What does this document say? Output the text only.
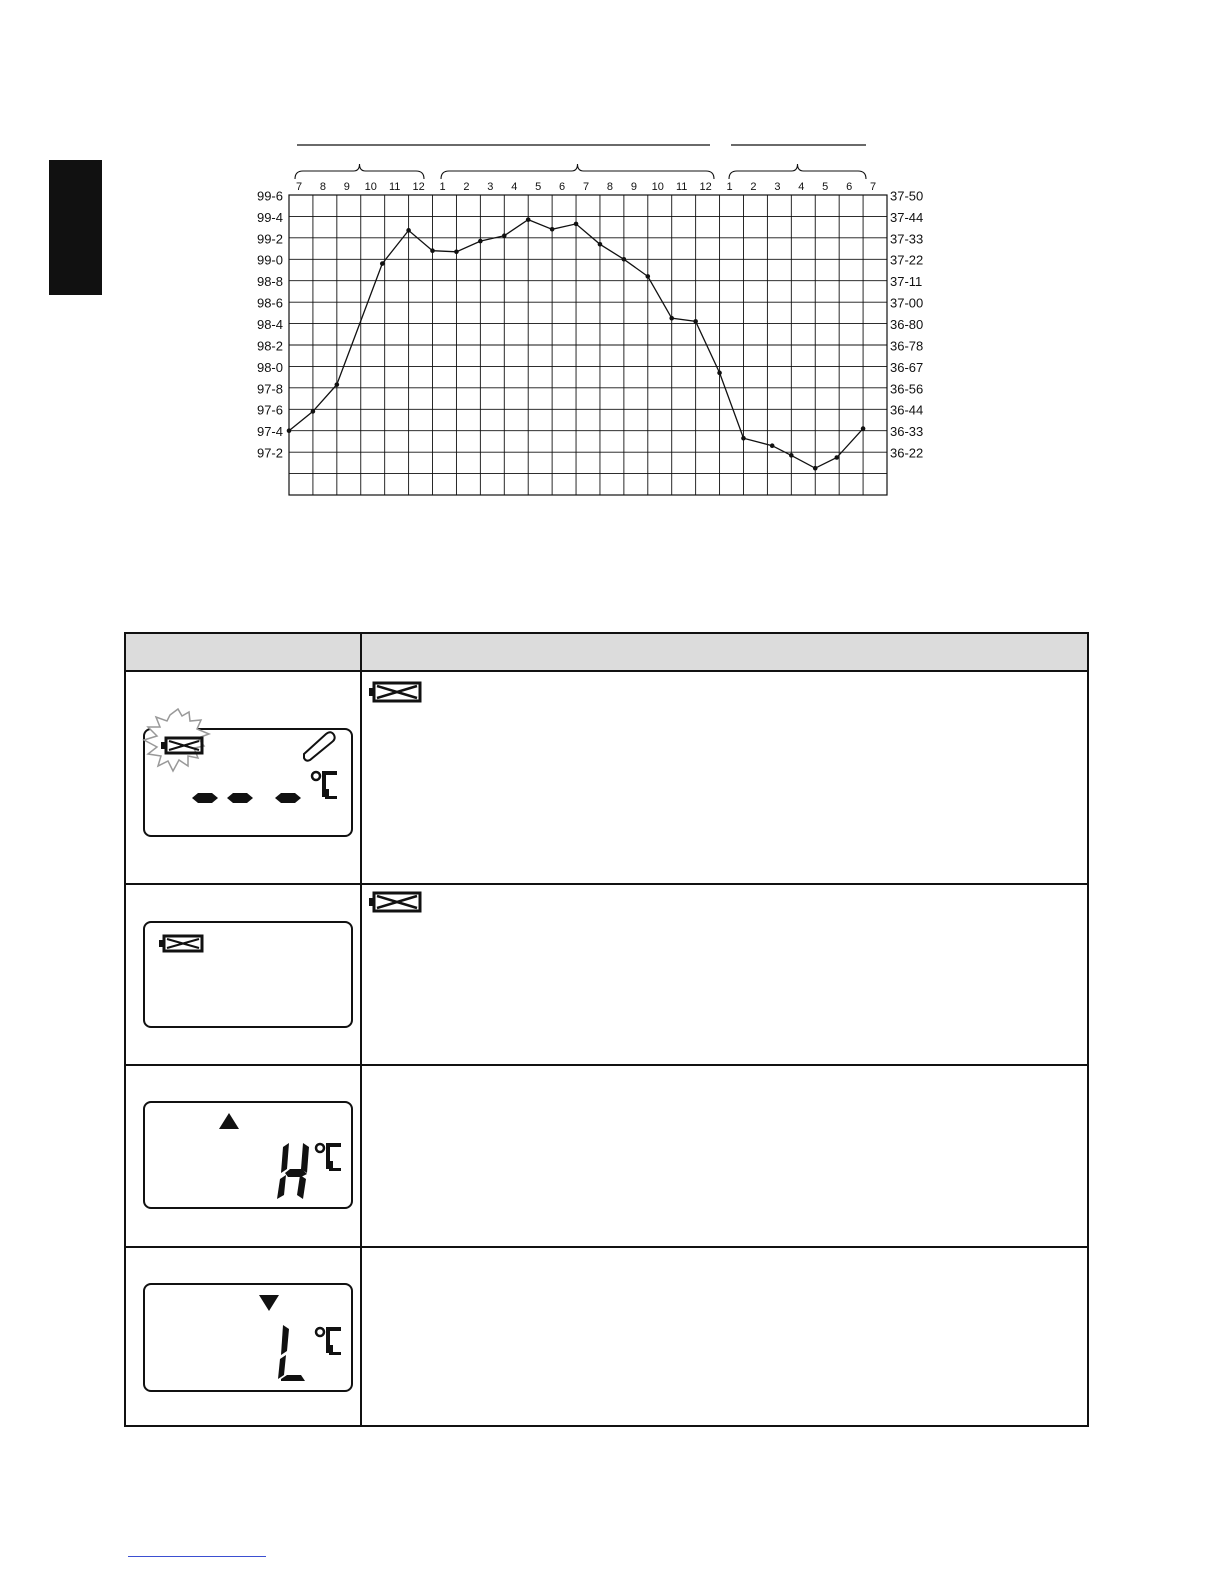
7 8 9 10 11 12 1 2 3 4 5 6 7 8 9 10 11 12 1 2 3 4 5 6 7
99-6
99-4
99-2
99-0
98-8
98-6
98-4
98-2
98-0
97-8
97-6
97-4
97-2
37-50
37-44
37-33
37-22
37-11
37-00
36-80
36-78
36-67
36-56
36-44
36-33
36-22
